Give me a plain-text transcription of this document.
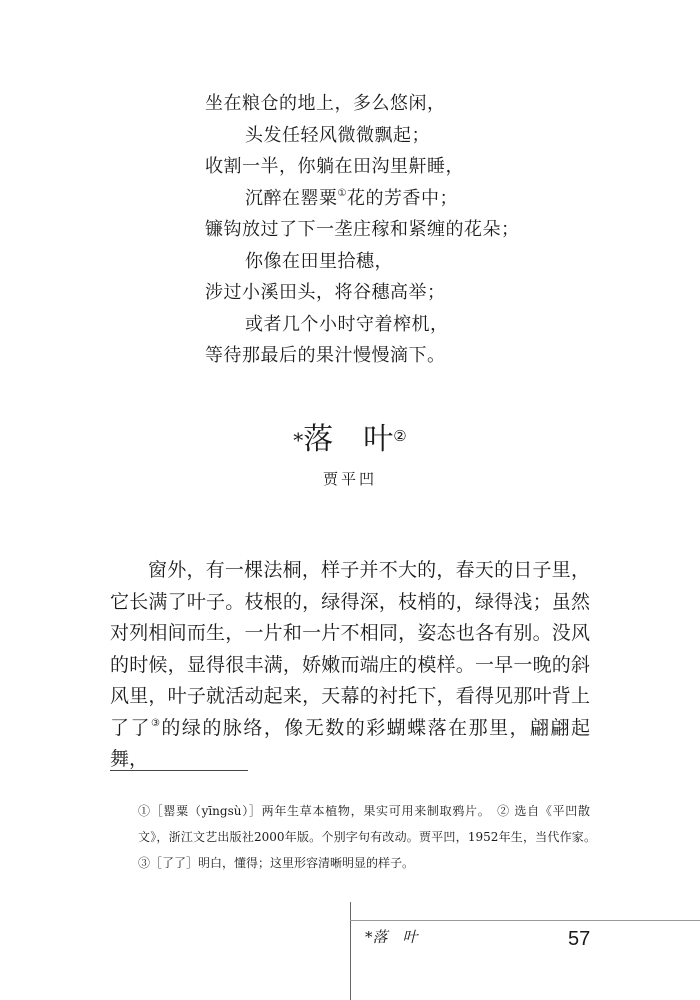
坐在粮仓的地上，多么悠闲，
头发任轻风微微飘起；
收割一半，你躺在田沟里鼾睡，
沉醉在罂粟①花的芳香中；
镰钩放过了下一垄庄稼和紧缠的花朵；
你像在田里拾穗，
涉过小溪田头，将谷穗高举；
或者几个小时守着榨机，
等待那最后的果汁慢慢滴下。
*落　叶②
贾平凹

窗外，有一棵法桐，样子并不大的，春天的日子里，它长满了叶子。枝根的，绿得深，枝梢的，绿得浅；虽然对列相间而生，一片和一片不相同，姿态也各有别。没风的时候，显得很丰满，娇嫩而端庄的模样。一早一晚的斜风里，叶子就活动起来，天幕的衬托下，看得见那叶背上了了③的绿的脉络，像无数的彩蝴蝶落在那里，翩翩起舞，

①［罂粟（yīngsù）］两年生草本植物，果实可用来制取鸦片。　② 选自《平凹散文》，浙江文艺出版社2000年版。个别字句有改动。贾平凹，1952年生，当代作家。　③［了了］明白，懂得；这里形容清晰明显的样子。
*落　叶	57
